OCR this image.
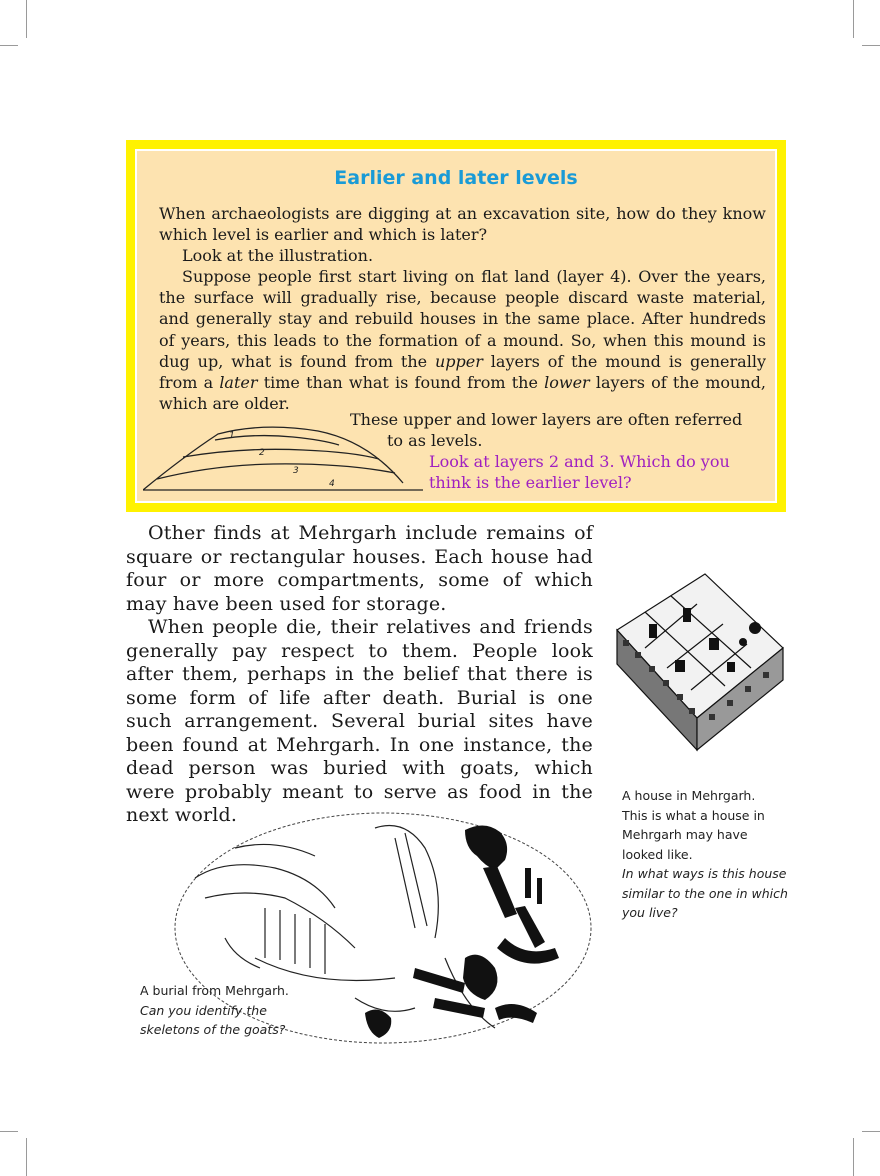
Earlier and later levels

When archaeologists are digging at an excavation site, how do they know which level is earlier and which is later?

Look at the illustration.

Suppose people first start living on flat land (layer 4). Over the years, the surface will gradually rise, because people discard waste material, and generally stay and rebuild houses in the same place. After hundreds of years, this leads to the formation of a mound. So, when this mound is dug up, what is found from the upper layers of the mound is generally from a later time than what is found from the lower layers of the mound, which are older.

These upper and lower layers are often referred
to as levels.
Look at layers 2 and 3. Which do you
think is the earlier level?
1
2
3
4

Other finds at Mehrgarh include remains of square or rectangular houses. Each house had four or more compartments, some of which may have been used for storage.

When people die, their relatives and friends generally pay respect to them. People look after them, perhaps in the belief that there is some form of life after death. Burial is one such arrangement. Several burial sites have been found at Mehrgarh. In one instance, the dead person was buried with goats, which were probably meant to serve as food in the next world.

A house in Mehrgarh.
This is what a house in
Mehrgarh may have
looked like.
In what ways is this house
similar to the one in which
you live?
A burial from Mehrgarh.
Can you identify the
skeletons of the goats?
